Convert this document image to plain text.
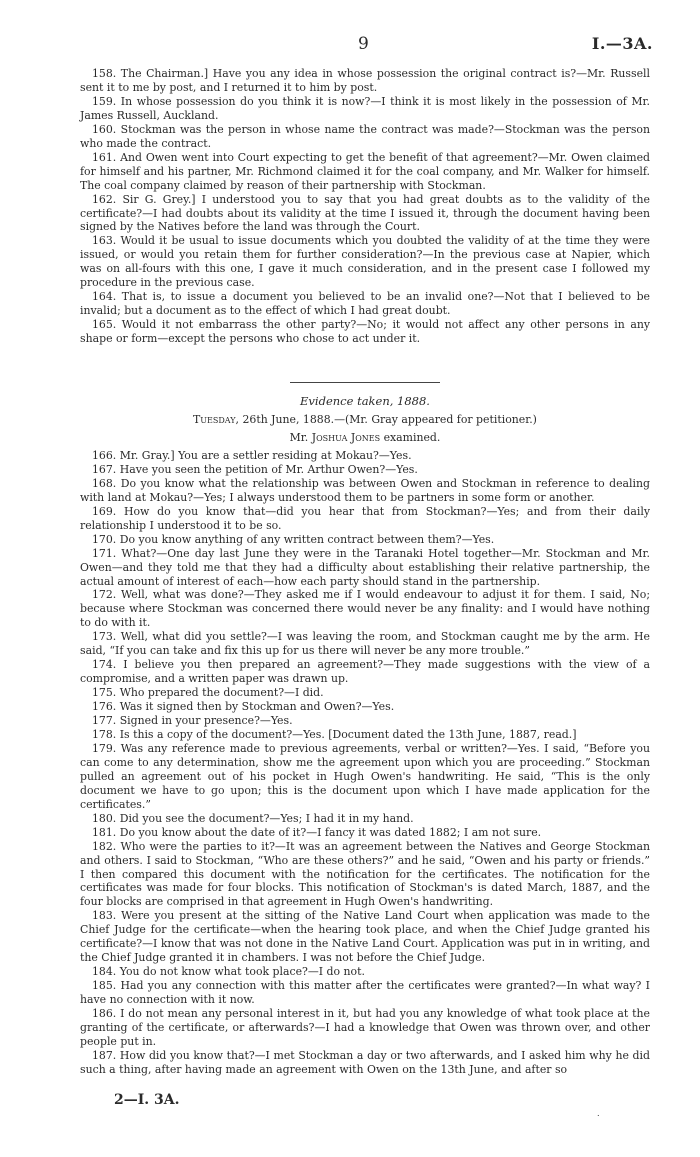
9	I.—3A.

158. The Chairman.] Have you any idea in whose possession the original contract is?—Mr. Russell sent it to me by post, and I returned it to him by post.

159. In whose possession do you think it is now?—I think it is most likely in the possession of Mr. James Russell, Auckland.

160. Stockman was the person in whose name the contract was made?—Stockman was the person who made the contract.

161. And Owen went into Court expecting to get the benefit of that agreement?—Mr. Owen claimed for himself and his partner, Mr. Richmond claimed it for the coal company, and Mr. Walker for himself. The coal company claimed by reason of their partnership with Stockman.

162. Sir G. Grey.] I understood you to say that you had great doubts as to the validity of the certificate?—I had doubts about its validity at the time I issued it, through the document having been signed by the Natives before the land was through the Court.

163. Would it be usual to issue documents which you doubted the validity of at the time they were issued, or would you retain them for further consideration?—In the previous case at Napier, which was on all-fours with this one, I gave it much consideration, and in the present case I followed my procedure in the previous case.

164. That is, to issue a document you believed to be an invalid one?—Not that I believed to be invalid; but a document as to the effect of which I had great doubt.

165. Would it not embarrass the other party?—No; it would not affect any other persons in any shape or form—except the persons who chose to act under it.

Evidence taken, 1888.

Tuesday, 26th June, 1888.—(Mr. Gray appeared for petitioner.)

Mr. Joshua Jones examined.

166. Mr. Gray.] You are a settler residing at Mokau?—Yes.

167. Have you seen the petition of Mr. Arthur Owen?—Yes.

168. Do you know what the relationship was between Owen and Stockman in reference to dealing with land at Mokau?—Yes; I always understood them to be partners in some form or another.

169. How do you know that—did you hear that from Stockman?—Yes; and from their daily relationship I understood it to be so.

170. Do you know anything of any written contract between them?—Yes.

171. What?—One day last June they were in the Taranaki Hotel together—Mr. Stockman and Mr. Owen—and they told me that they had a difficulty about establishing their relative partnership, the actual amount of interest of each—how each party should stand in the partnership.

172. Well, what was done?—They asked me if I would endeavour to adjust it for them. I said, No; because where Stockman was concerned there would never be any finality: and I would have nothing to do with it.

173. Well, what did you settle?—I was leaving the room, and Stockman caught me by the arm. He said, “If you can take and fix this up for us there will never be any more trouble.”

174. I believe you then prepared an agreement?—They made suggestions with the view of a compromise, and a written paper was drawn up.

175. Who prepared the document?—I did.

176. Was it signed then by Stockman and Owen?—Yes.

177. Signed in your presence?—Yes.

178. Is this a copy of the document?—Yes. [Document dated the 13th June, 1887, read.]

179. Was any reference made to previous agreements, verbal or written?—Yes. I said, “Before you can come to any determination, show me the agreement upon which you are proceeding.” Stockman pulled an agreement out of his pocket in Hugh Owen's handwriting. He said, “This is the only document we have to go upon; this is the document upon which I have made application for the certificates.”

180. Did you see the document?—Yes; I had it in my hand.

181. Do you know about the date of it?—I fancy it was dated 1882; I am not sure.

182. Who were the parties to it?—It was an agreement between the Natives and George Stockman and others. I said to Stockman, “Who are these others?” and he said, “Owen and his party or friends.” I then compared this document with the notification for the certificates. The notification for the certificates was made for four blocks. This notification of Stockman's is dated March, 1887, and the four blocks are comprised in that agreement in Hugh Owen's handwriting.

183. Were you present at the sitting of the Native Land Court when application was made to the Chief Judge for the certificate—when the hearing took place, and when the Chief Judge granted his certificate?—I know that was not done in the Native Land Court. Application was put in in writing, and the Chief Judge granted it in chambers. I was not before the Chief Judge.

184. You do not know what took place?—I do not.

185. Had you any connection with this matter after the certificates were granted?—In what way? I have no connection with it now.

186. I do not mean any personal interest in it, but had you any knowledge of what took place at the granting of the certificate, or afterwards?—I had a knowledge that Owen was thrown over, and other people put in.

187. How did you know that?—I met Stockman a day or two afterwards, and I asked him why he did such a thing, after having made an agreement with Owen on the 13th June, and after so

2—I. 3A.
.
